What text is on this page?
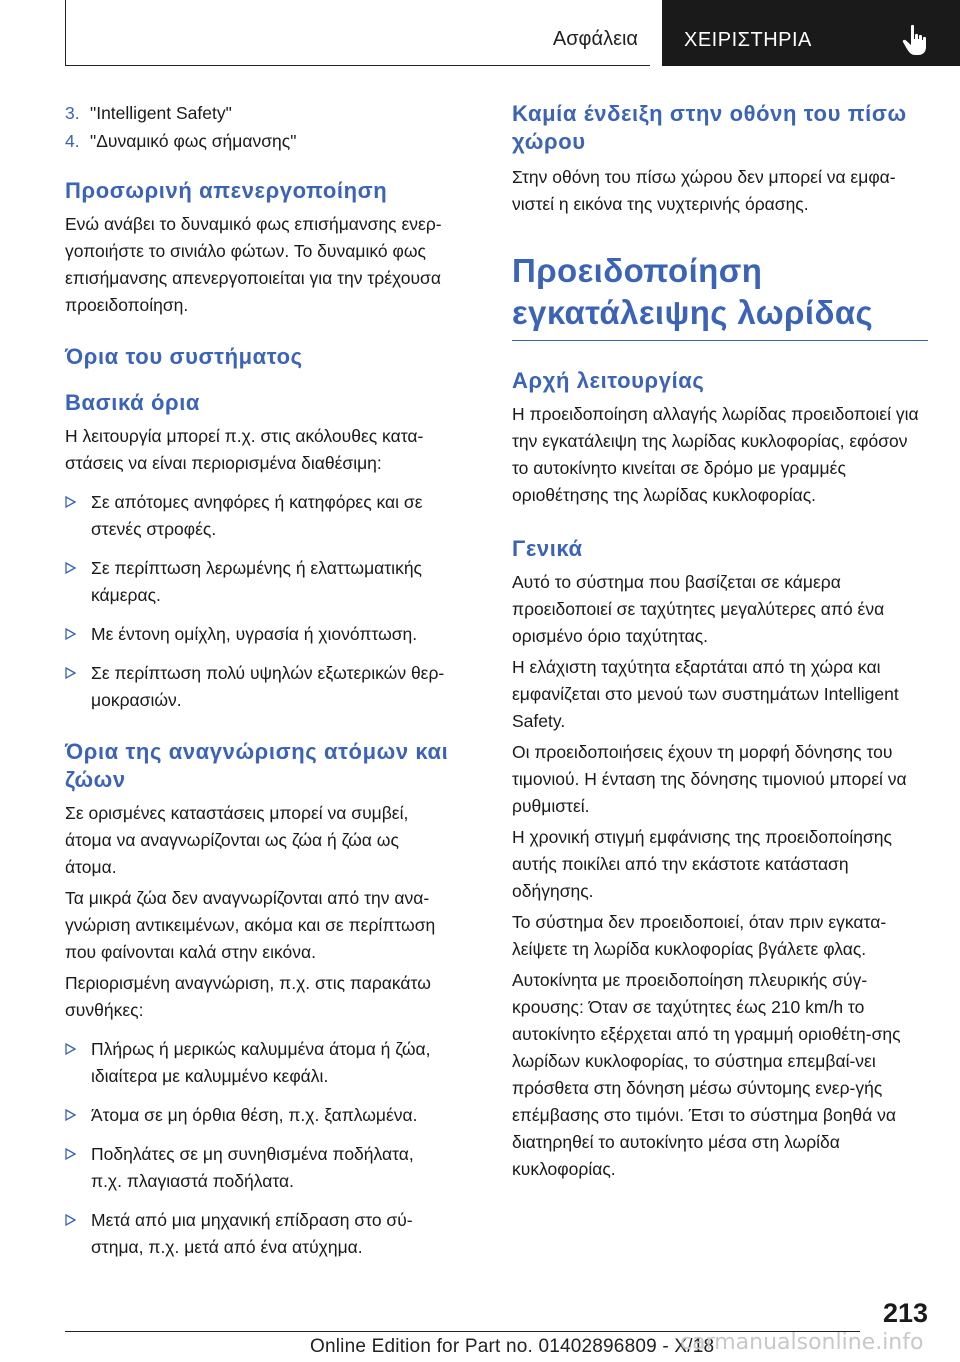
Ασφάλεια ΧΕΙΡΙΣΤΗΡΙΑ
3. "Intelligent Safety"
4. "Δυναμικό φως σήμανσης"
Προσωρινή απενεργοποίηση

Ενώ ανάβει το δυναμικό φως επισήμανσης ενερ-γοποιήστε το σινιάλο φώτων. Το δυναμικό φως επισήμανσης απενεργοποιείται για την τρέχουσα προειδοποίηση.

Όρια του συστήματος
Βασικά όρια

Η λειτουργία μπορεί π.χ. στις ακόλουθες κατα-στάσεις να είναι περιορισμένα διαθέσιμη:

Σε απότομες ανηφόρες ή κατηφόρες και σε στενές στροφές.
Σε περίπτωση λερωμένης ή ελαττωματικής κάμερας.
Με έντονη ομίχλη, υγρασία ή χιονόπτωση.
Σε περίπτωση πολύ υψηλών εξωτερικών θερ-μοκρασιών.
Όρια της αναγνώρισης ατόμων και ζώων

Σε ορισμένες καταστάσεις μπορεί να συμβεί, άτομα να αναγνωρίζονται ως ζώα ή ζώα ως άτομα.

Τα μικρά ζώα δεν αναγνωρίζονται από την ανα-γνώριση αντικειμένων, ακόμα και σε περίπτωση που φαίνονται καλά στην εικόνα.

Περιορισμένη αναγνώριση, π.χ. στις παρακάτω συνθήκες:

Πλήρως ή μερικώς καλυμμένα άτομα ή ζώα, ιδιαίτερα με καλυμμένο κεφάλι.
Άτομα σε μη όρθια θέση, π.χ. ξαπλωμένα.
Ποδηλάτες σε μη συνηθισμένα ποδήλατα, π.χ. πλαγιαστά ποδήλατα.
Μετά από μια μηχανική επίδραση στο σύ-στημα, π.χ. μετά από ένα ατύχημα.
Καμία ένδειξη στην οθόνη του πίσω χώρου

Στην οθόνη του πίσω χώρου δεν μπορεί να εμφα-νιστεί η εικόνα της νυχτερινής όρασης.

Προειδοποίηση εγκατάλειψης λωρίδας
Αρχή λειτουργίας

Η προειδοποίηση αλλαγής λωρίδας προειδοποιεί για την εγκατάλειψη της λωρίδας κυκλοφορίας, εφόσον το αυτοκίνητο κινείται σε δρόμο με γραμμές οριοθέτησης της λωρίδας κυκλοφορίας.

Γενικά

Αυτό το σύστημα που βασίζεται σε κάμερα προειδοποιεί σε ταχύτητες μεγαλύτερες από ένα ορισμένο όριο ταχύτητας.

Η ελάχιστη ταχύτητα εξαρτάται από τη χώρα και εμφανίζεται στο μενού των συστημάτων Intelligent Safety.

Οι προειδοποιήσεις έχουν τη μορφή δόνησης του τιμονιού. Η ένταση της δόνησης τιμονιού μπορεί να ρυθμιστεί.

Η χρονική στιγμή εμφάνισης της προειδοποίησης αυτής ποικίλει από την εκάστοτε κατάσταση οδήγησης.

Το σύστημα δεν προειδοποιεί, όταν πριν εγκατα-λείψετε τη λωρίδα κυκλοφορίας βγάλετε φλας.

Αυτοκίνητα με προειδοποίηση πλευρικής σύγ-κρουσης: Όταν σε ταχύτητες έως 210 km/h το αυτοκίνητο εξέρχεται από τη γραμμή οριοθέτη-σης λωρίδων κυκλοφορίας, το σύστημα επεμβαί-νει πρόσθετα στη δόνηση μέσω σύντομης ενερ-γής επέμβασης στο τιμόνι. Έτσι το σύστημα βοηθά να διατηρηθεί το αυτοκίνητο μέσα στη λωρίδα κυκλοφορίας.

213
Online Edition for Part no. 01402896809 - X/18
carmanualsonline.info
